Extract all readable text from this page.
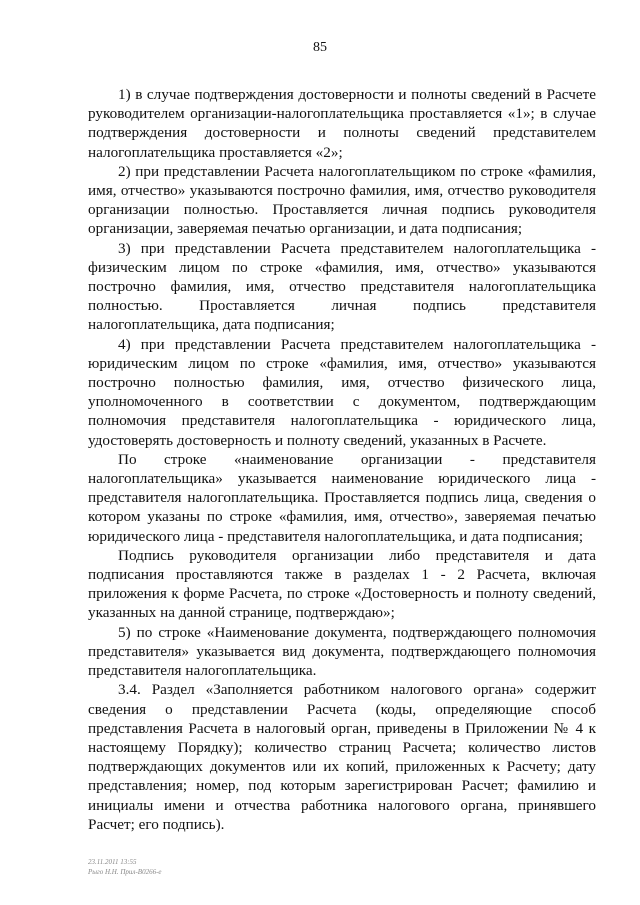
85

1) в случае подтверждения достоверности и полноты сведений в Расчете руководителем организации-налогоплательщика проставляется «1»; в случае подтверждения достоверности и полноты сведений представителем налогоплательщика проставляется «2»;

2) при представлении Расчета налогоплательщиком по строке «фамилия, имя, отчество» указываются построчно фамилия, имя, отчество руководителя организации полностью. Проставляется личная подпись руководителя организации, заверяемая печатью организации, и дата подписания;

3) при представлении Расчета представителем налогоплательщика - физическим лицом по строке «фамилия, имя, отчество» указываются построчно фамилия, имя, отчество представителя налогоплательщика полностью. Проставляется личная подпись представителя налогоплательщика, дата подписания;

4) при представлении Расчета представителем налогоплательщика - юридическим лицом по строке «фамилия, имя, отчество» указываются построчно полностью фамилия, имя, отчество физического лица, уполномоченного в соответствии с документом, подтверждающим полномочия представителя налогоплательщика - юридического лица, удостоверять достоверность и полноту сведений, указанных в Расчете.

По строке «наименование организации - представителя налогоплательщика» указывается наименование юридического лица - представителя налогоплательщика. Проставляется подпись лица, сведения о котором указаны по строке «фамилия, имя, отчество», заверяемая печатью юридического лица - представителя налогоплательщика, и дата подписания;

Подпись руководителя организации либо представителя и дата подписания проставляются также в разделах 1 - 2 Расчета, включая приложения к форме Расчета, по строке «Достоверность и полноту сведений, указанных на данной странице, подтверждаю»;

5) по строке «Наименование документа, подтверждающего полномочия представителя» указывается вид документа, подтверждающего полномочия представителя налогоплательщика.

3.4. Раздел «Заполняется работником налогового органа» содержит сведения о представлении Расчета (коды, определяющие способ представления Расчета в налоговый орган, приведены в Приложении № 4 к настоящему Порядку); количество страниц Расчета; количество листов подтверждающих документов или их копий, приложенных к Расчету; дату представления; номер, под которым зарегистрирован Расчет; фамилию и инициалы имени и отчества работника налогового органа, принявшего Расчет; его подпись).

23.11.2011 13:55
Рыго Н.Н. Прил-В0266-е
